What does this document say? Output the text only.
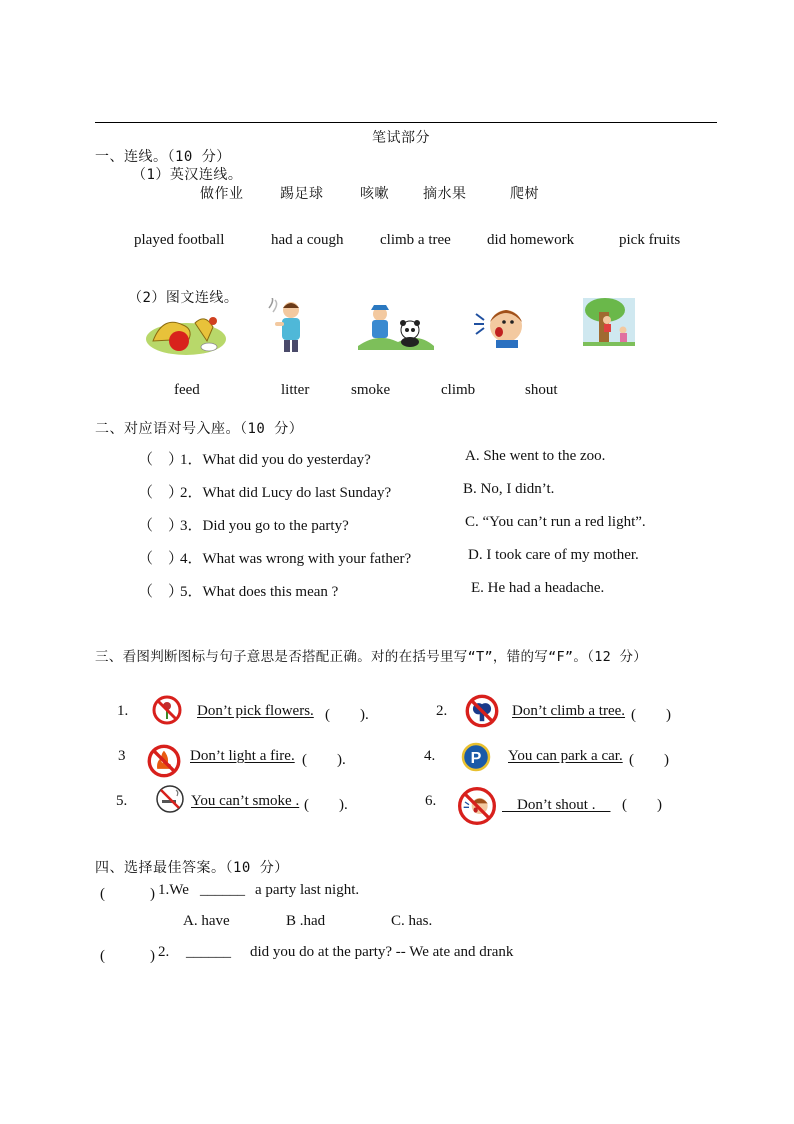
笔试部分
一、连线。（10 分）
（1）英汉连线。
做作业	踢足球	咳嗽 摘水果	爬树
played football	had a cough climb a tree did homework	pick fruits
（2）图文连线。
feed	litter	smoke	climb	shout
二、对应语对号入座。（10 分）
（　）
1．What did you do yesterday?	A. She went to the zoo.
（　）
2．What did Lucy do last Sunday?	B. No, I didn’t.
（　）
3．Did you go to the party?	C. “You can’t run a red light”.
（　）
4．What was wrong with your father?	D. I took care of my mother.
（　）
5．What does this mean ?	E. He had a headache.
三、看图判断图标与句子意思是否搭配正确。对的在括号里写“T”，错的写“F”。（12 分）
1.	Don’t pick flowers. (　　).	2.	Don’t climb a tree. (　　)
3	Don’t light a fire. (　　).	4. P You can park a car. (　　)
5.	You can’t smoke . (　　).	6.	　Don’t shout .　 (　　)
四、选择最佳答案。（10 分）
(　　　) 1.We ______ a party last night.
A. have	B .had	C. has.
(　　　) 2. ______ did you do at the party? -- We ate and drank
